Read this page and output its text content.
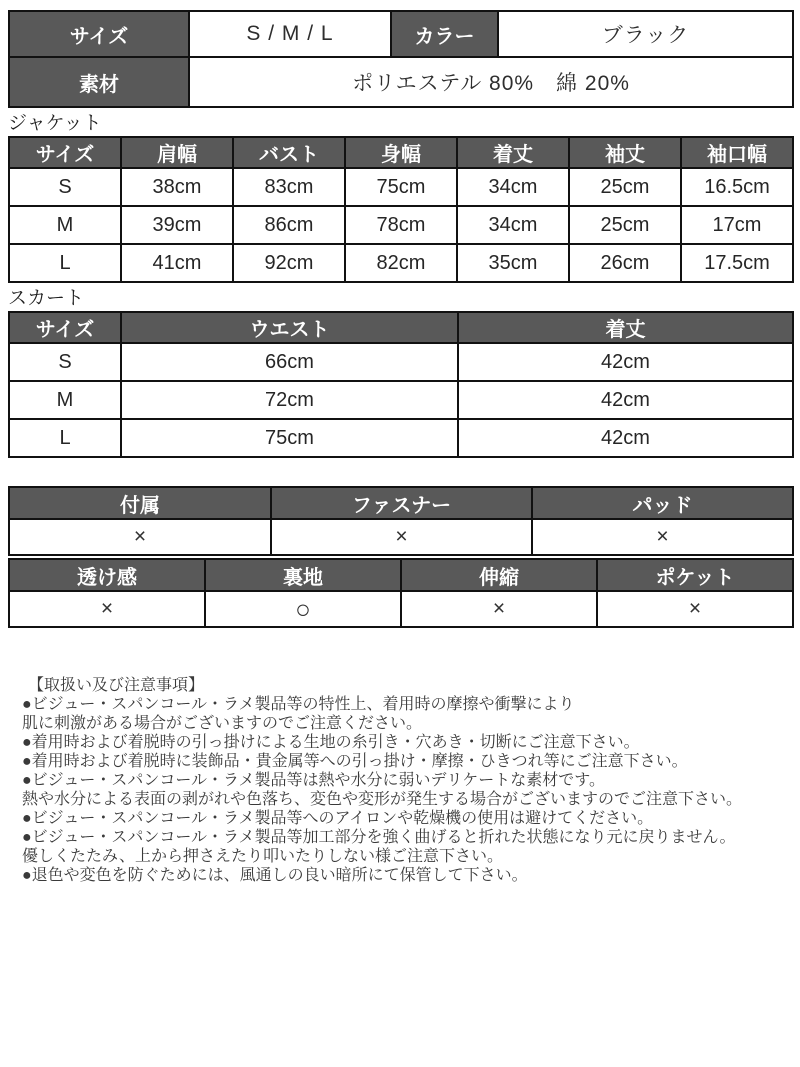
サイズ	S / M / L	カラー	ブラック
素材	ポリエステル 80%　綿 20%		
ジャケット
サイズ	肩幅	バスト	身幅	着丈	袖丈	袖口幅
S	38cm	83cm	75cm	34cm	25cm	16.5cm
M	39cm	86cm	78cm	34cm	25cm	17cm
L	41cm	92cm	82cm	35cm	26cm	17.5cm
スカート
サイズ	ウエスト	着丈
S	66cm	42cm
M	72cm	42cm
L	75cm	42cm
付属	ファスナー	パッド
×	×	×
透け感	裏地	伸縮	ポケット
×	○	×	×
【取扱い及び注意事項】
●ビジュー・スパンコール・ラメ製品等の特性上、着用時の摩擦や衝撃により
肌に刺激がある場合がございますのでご注意ください。
●着用時および着脱時の引っ掛けによる生地の糸引き・穴あき・切断にご注意下さい。
●着用時および着脱時に装飾品・貴金属等への引っ掛け・摩擦・ひきつれ等にご注意下さい。
●ビジュー・スパンコール・ラメ製品等は熱や水分に弱いデリケートな素材です。
熱や水分による表面の剥がれや色落ち、変色や変形が発生する場合がございますのでご注意下さい。
●ビジュー・スパンコール・ラメ製品等へのアイロンや乾燥機の使用は避けてください。
●ビジュー・スパンコール・ラメ製品等加工部分を強く曲げると折れた状態になり元に戻りません。
優しくたたみ、上から押さえたり叩いたりしない様ご注意下さい。
●退色や変色を防ぐためには、風通しの良い暗所にて保管して下さい。
